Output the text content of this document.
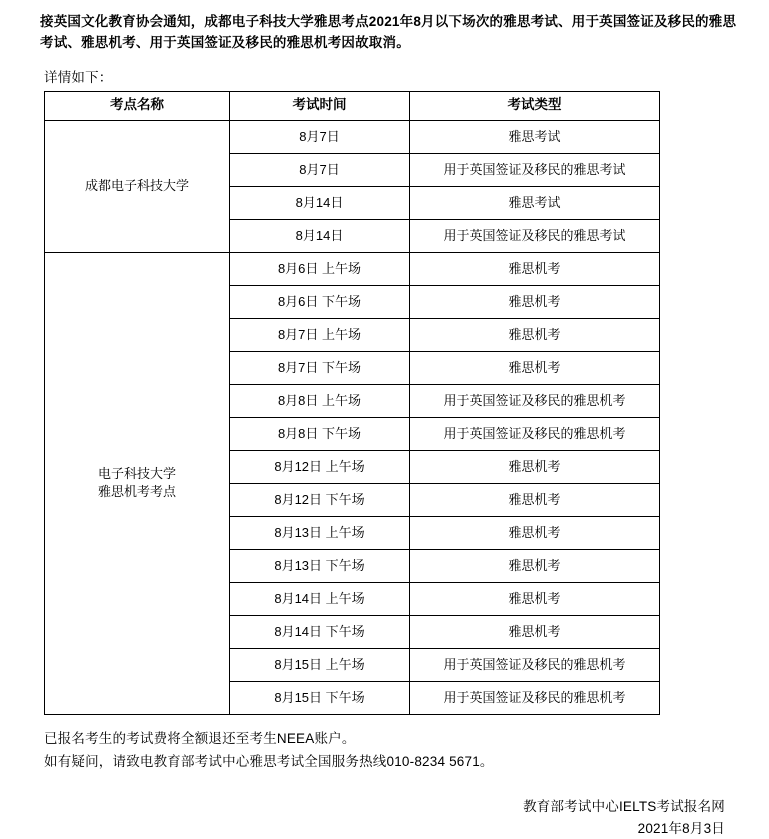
接英国文化教育协会通知，成都电子科技大学雅思考点2021年8月以下场次的雅思考试、用于英国签证及移民的雅思
考试、雅思机考、用于英国签证及移民的雅思机考因故取消。
详情如下：
考点名称	考试时间	考试类型

成都电子科技大学	8月7日	雅思考试
	8月7日	用于英国签证及移民的雅思考试
	8月14日	雅思考试
	8月14日	用于英国签证及移民的雅思考试

电子科技大学
雅思机考考点	8月6日 上午场	雅思机考
	8月6日 下午场	雅思机考
	8月7日 上午场	雅思机考
	8月7日 下午场	雅思机考
	8月8日 上午场	用于英国签证及移民的雅思机考
	8月8日 下午场	用于英国签证及移民的雅思机考
	8月12日 上午场	雅思机考
	8月12日 下午场	雅思机考
	8月13日 上午场	雅思机考
	8月13日 下午场	雅思机考
	8月14日 上午场	雅思机考
	8月14日 下午场	雅思机考
	8月15日 上午场	用于英国签证及移民的雅思机考
	8月15日 下午场	用于英国签证及移民的雅思机考
已报名考生的考试费将全额退还至考生NEEA账户。
如有疑问，请致电教育部考试中心雅思考试全国服务热线010-8234 5671。
教育部考试中心IELTS考试报名网
2021年8月3日
